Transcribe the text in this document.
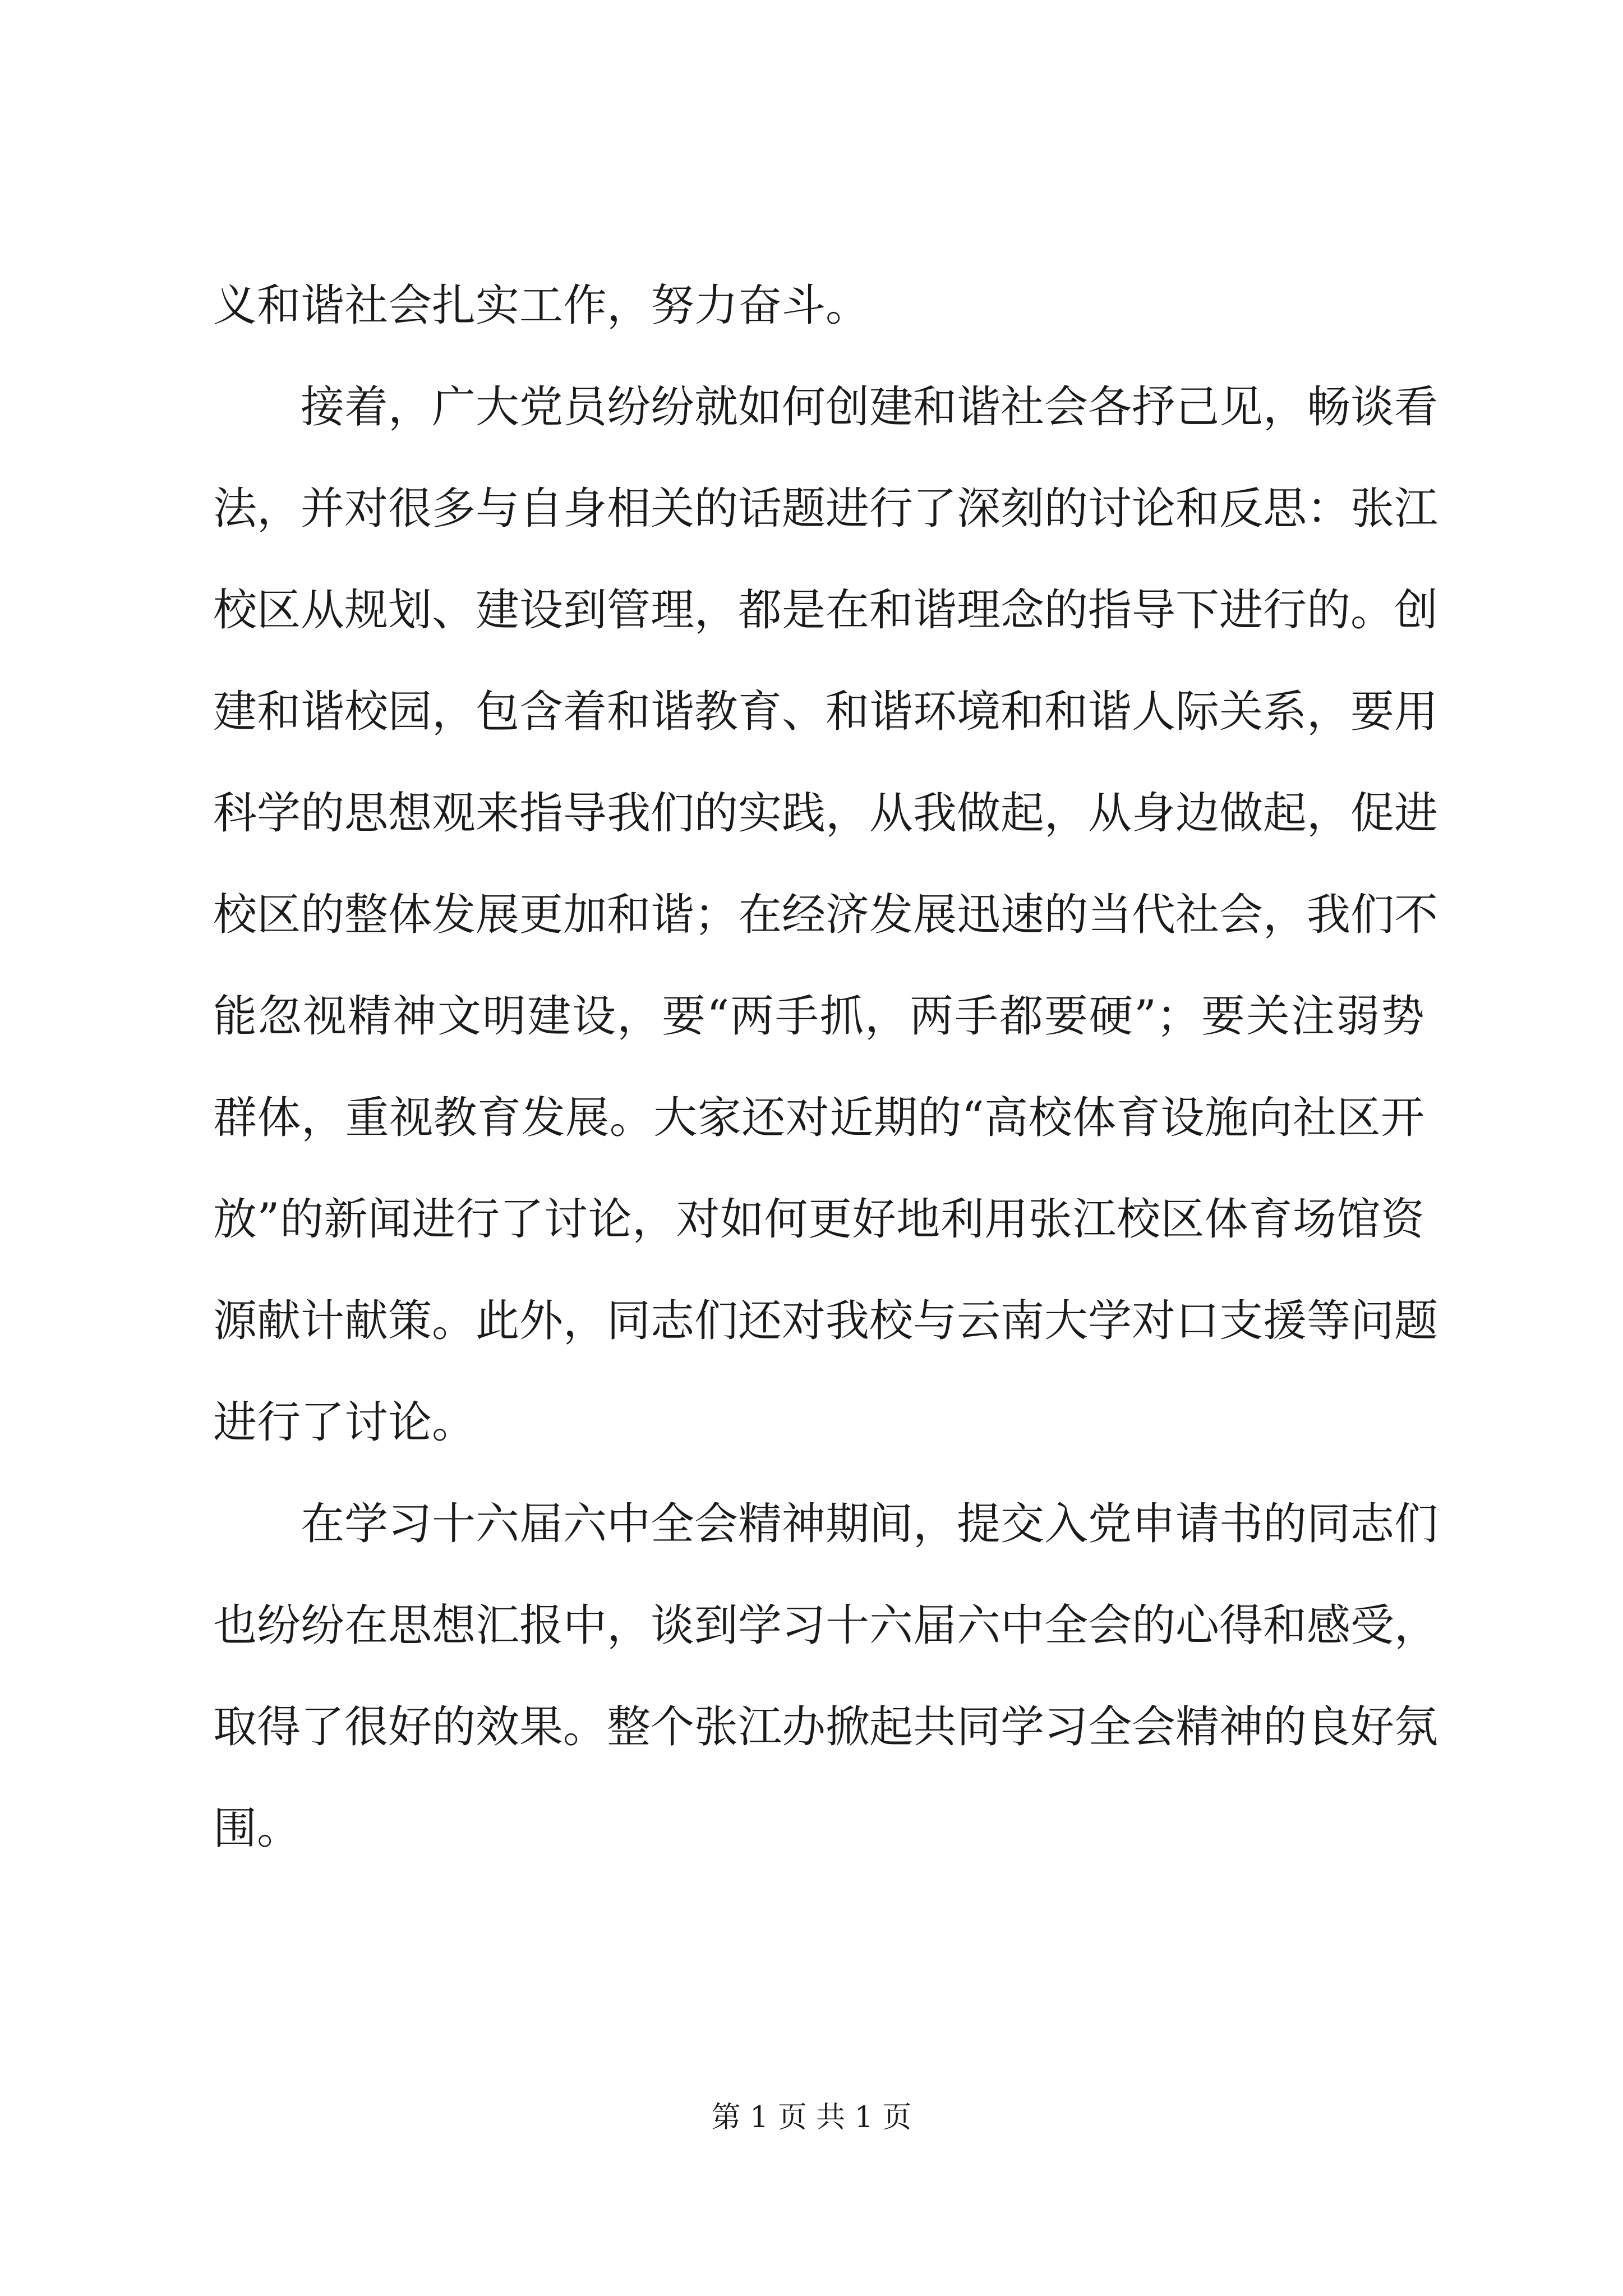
义和谐社会扎实工作，努力奋斗。
　　接着，广大党员纷纷就如何创建和谐社会各抒己见，畅谈看
法，并对很多与自身相关的话题进行了深刻的讨论和反思：张江
校区从规划、建设到管理，都是在和谐理念的指导下进行的。创
建和谐校园，包含着和谐教育、和谐环境和和谐人际关系，要用
科学的思想观来指导我们的实践，从我做起，从身边做起，促进
校区的整体发展更加和谐；在经济发展迅速的当代社会，我们不
能忽视精神文明建设，要“两手抓，两手都要硬”；要关注弱势
群体，重视教育发展。大家还对近期的“高校体育设施向社区开
放”的新闻进行了讨论，对如何更好地利用张江校区体育场馆资
源献计献策。此外，同志们还对我校与云南大学对口支援等问题
进行了讨论。
　　在学习十六届六中全会精神期间，提交入党申请书的同志们
也纷纷在思想汇报中，谈到学习十六届六中全会的心得和感受，
取得了很好的效果。整个张江办掀起共同学习全会精神的良好氛
围。
第 1 页 共 1 页
